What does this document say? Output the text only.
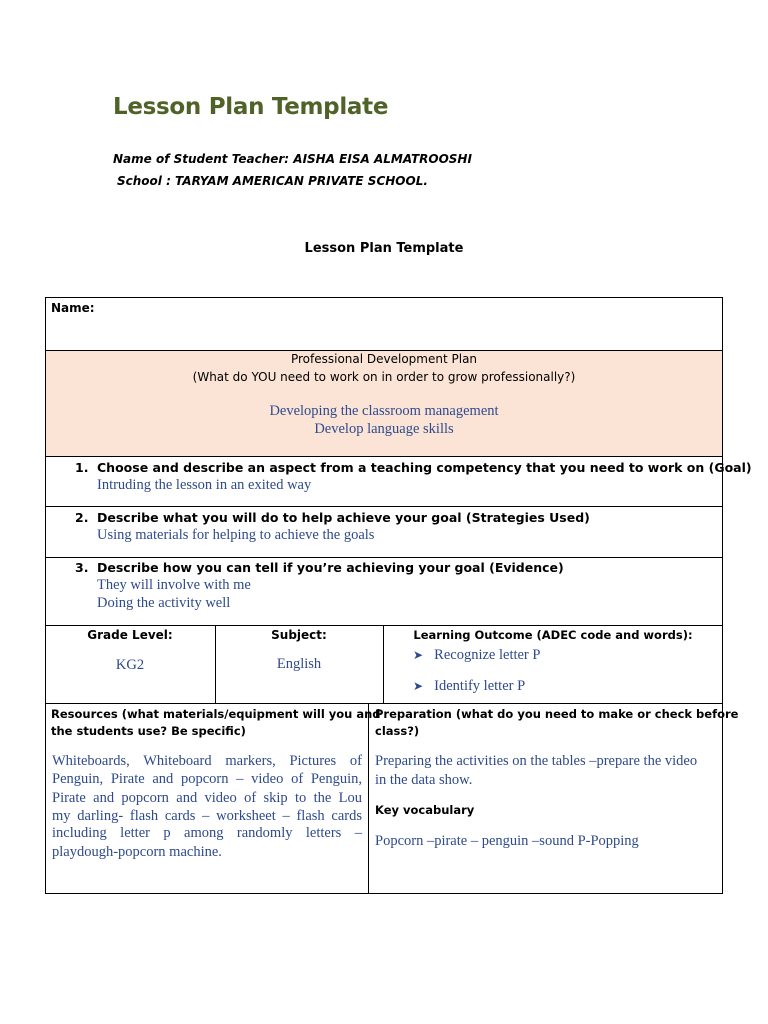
Lesson Plan Template
Name of Student Teacher: AISHA EISA ALMATROOSHI
School : TARYAM AMERICAN PRIVATE SCHOOL.
Lesson Plan Template
Name:
Professional Development Plan
(What do YOU need to work on in order to grow professionally?)
Developing the classroom management
Develop language skills
1. Choose and describe an aspect from a teaching competency that you need to work on (Goal)
Intruding the lesson in an exited way
2. Describe what you will do to help achieve your goal (Strategies Used)
Using materials for helping to achieve the goals
3. Describe how you can tell if you’re achieving your goal (Evidence)
They will involve with me
Doing the activity well
Grade Level:
KG2
Subject:
English
Learning Outcome (ADEC code and words):
➤ Recognize letter P
➤ Identify letter P
Resources (what materials/equipment will you and
the students use? Be specific)
Whiteboards, Whiteboard markers, Pictures of
Penguin, Pirate and popcorn – video of Penguin,
Pirate and popcorn and video of skip to the Lou
my darling- flash cards – worksheet – flash cards
including letter p among randomly letters –
playdough-popcorn machine.
Preparation (what do you need to make or check before
class?)
Preparing the activities on the tables –prepare the video
in the data show.
Key vocabulary
Popcorn –pirate – penguin –sound P-Popping
